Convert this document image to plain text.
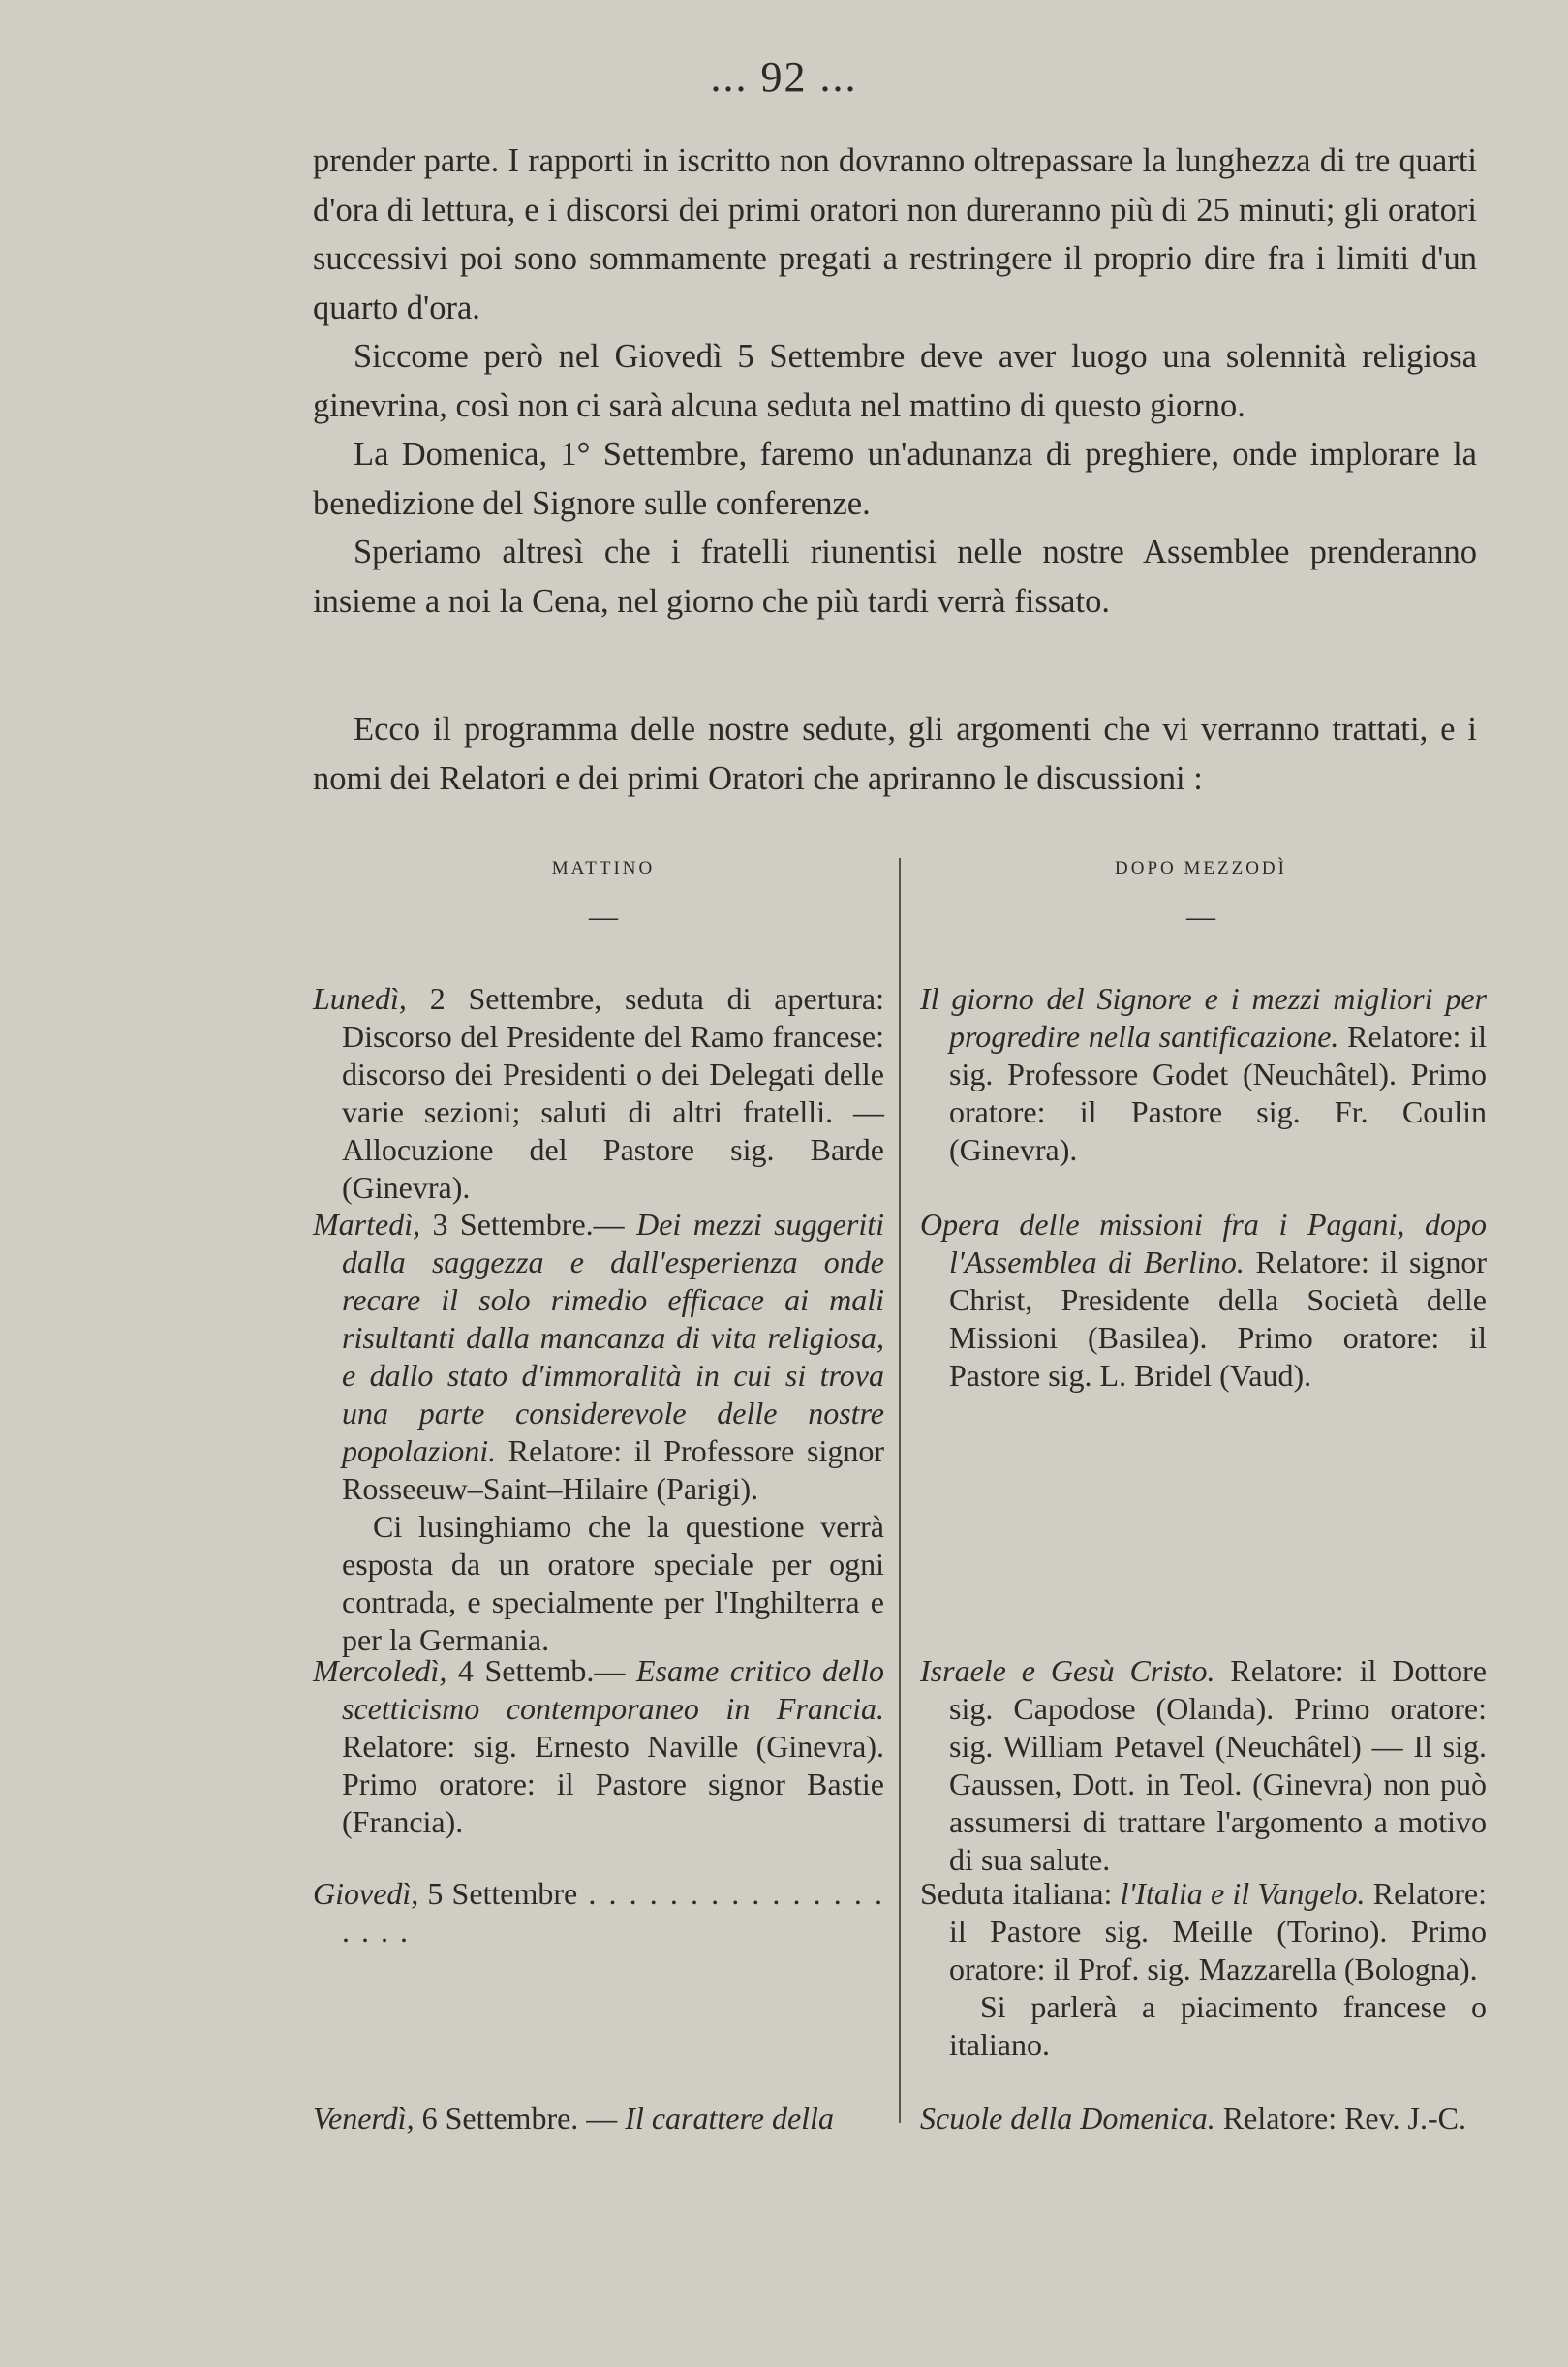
... 92 ...

prender parte. I rapporti in iscritto non dovranno oltrepassare la lunghezza di tre quarti d'ora di lettura, e i discorsi dei primi oratori non dureranno più di 25 minuti; gli oratori successivi poi sono sommamente pregati a restringere il proprio dire fra i limiti d'un quarto d'ora.

Siccome però nel Giovedì 5 Settembre deve aver luogo una solennità religiosa ginevrina, così non ci sarà alcuna seduta nel mattino di questo giorno.

La Domenica, 1° Settembre, faremo un'adunanza di preghiere, onde implorare la benedizione del Signore sulle conferenze.

Speriamo altresì che i fratelli riunentisi nelle nostre Assemblee prenderanno insieme a noi la Cena, nel giorno che più tardi verrà fissato.

Ecco il programma delle nostre sedute, gli argomenti che vi verranno trattati, e i nomi dei Relatori e dei primi Oratori che apriranno le discussioni :

MATTINO	DOPO MEZZODÌ
—	—
Lunedì, 2 Settembre, seduta di apertura: Discorso del Presidente del Ramo francese: discorso dei Presidenti o dei Delegati delle varie sezioni; saluti di altri fratelli. — Allocuzione del Pastore sig. Barde (Ginevra).
Martedì, 3 Settembre.— Dei mezzi suggeriti dalla saggezza e dall'esperienza onde recare il solo rimedio efficace ai mali risultanti dalla mancanza di vita religiosa, e dallo stato d'immoralità in cui si trova una parte considerevole delle nostre popolazioni. Relatore: il Professore signor Rosseeuw–Saint–Hilaire (Parigi).
Ci lusinghiamo che la questione verrà esposta da un oratore speciale per ogni contrada, e specialmente per l'Inghilterra e per la Germania.
Mercoledì, 4 Settemb.— Esame critico dello scetticismo contemporaneo in Francia. Relatore: sig. Ernesto Naville (Ginevra). Primo oratore: il Pastore signor Bastie (Francia).
Giovedì, 5 Settembre . . . . . . . . . . . . . . . . . . .
Venerdì, 6 Settembre. — Il carattere della
Il giorno del Signore e i mezzi migliori per progredire nella santificazione. Relatore: il sig. Professore Godet (Neuchâtel). Primo oratore: il Pastore sig. Fr. Coulin (Ginevra).
Opera delle missioni fra i Pagani, dopo l'Assemblea di Berlino. Relatore: il signor Christ, Presidente della Società delle Missioni (Basilea). Primo oratore: il Pastore sig. L. Bridel (Vaud).
Israele e Gesù Cristo. Relatore: il Dottore sig. Capodose (Olanda). Primo oratore: sig. William Petavel (Neuchâtel) — Il sig. Gaussen, Dott. in Teol. (Ginevra) non può assumersi di trattare l'argomento a motivo di sua salute.
Seduta italiana: l'Italia e il Vangelo. Relatore: il Pastore sig. Meille (Torino). Primo oratore: il Prof. sig. Mazzarella (Bologna).
Si parlerà a piacimento francese o italiano.
Scuole della Domenica. Relatore: Rev. J.-C.
